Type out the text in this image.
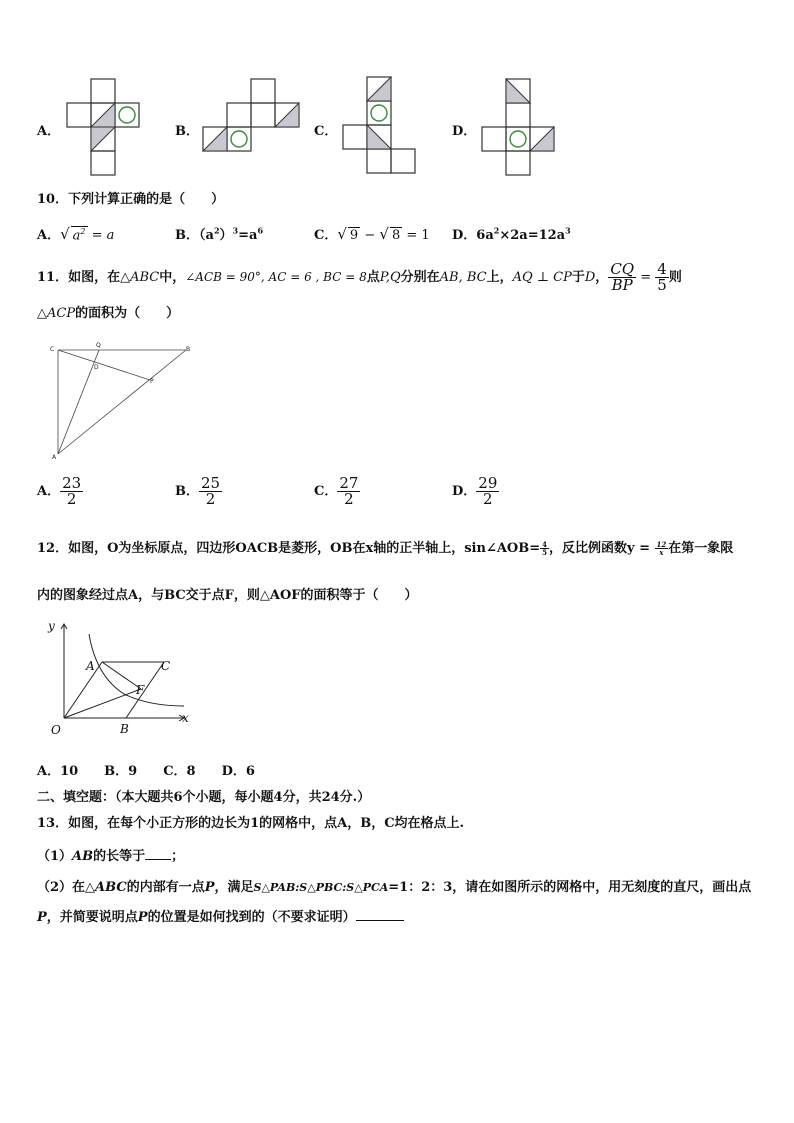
A．	B．	C．	D．
10．下列计算正确的是（　　）
A．√ $a^2 = a$	B．$(a^2)^3=a^6$	C．√ 9 − √ 8 = 1 D．$6a^2\times 2a=12a^3$
11．如图，在△ABC中，∠ACB = 90°, AC = 6 , BC = 8点P,Q分别在AB, BC上，AQ ⊥ CP于D， $\frac{CQ}{BP} = \frac{4}{5}$ 则
△ACP的面积为（　　）
C
Q
B
D
P
A
A． $\frac{23}{2}$	B． $\frac{25}{2}$	C． $\frac{27}{2}$	D． $\frac{29}{2}$
12．如图，O为坐标原点，四边形OACB是菱形，OB在x轴的正半轴上，sin∠AOB= $\frac{4}{5}$ ，反比例函数$y = \frac{12}{x}$ 在第一象限
内的图象经过点A，与BC交于点F，则△AOF的面积等于（　　）
y
x
O
A
B
C
F
A．10　　B．9　　C．8　　D．6
二、填空题：（本大题共6个小题，每小题4分，共24分.）
13．如图，在每个小正方形的边长为1的网格中，点A，B，C均在格点上.
（1）AB的长等于 ；
（2）在△ABC的内部有一点P，满足S△PAB:S△PBC:S△PCA=1：2：3，请在如图所示的网格中，用无刻度的直尺，画出点
P，并简要说明点P的位置是如何找到的（不要求证明）
